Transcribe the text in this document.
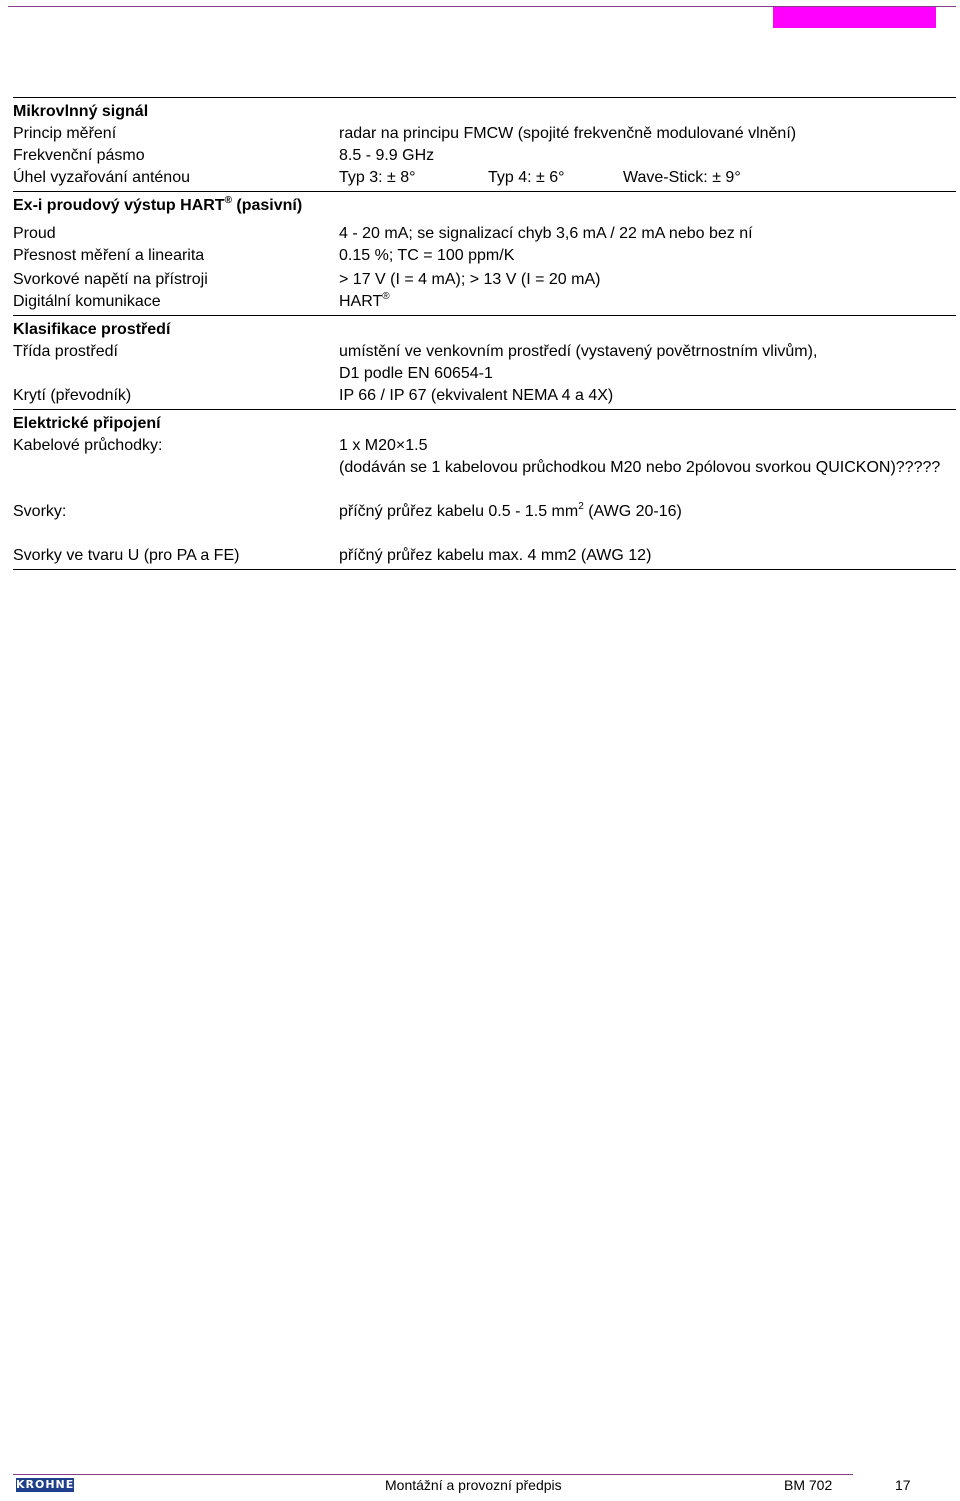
Mikrovlnný signál
Princip měření	radar na principu FMCW (spojité frekvenčně modulované vlnění)
Frekvenční pásmo	8.5 - 9.9 GHz
Úhel vyzařování anténou	Typ 3: ± 8°	Typ 4: ± 6°	Wave-Stick: ± 9°
Ex-i proudový výstup HART® (pasivní)
Proud	4 - 20 mA; se signalizací chyb 3,6 mA / 22 mA nebo bez ní
Přesnost měření a linearita	0.15 %; TC = 100 ppm/K
Svorkové napětí na přístroji	> 17 V (I = 4 mA); > 13 V (I = 20 mA)
Digitální komunikace	HART®
Klasifikace prostředí
Třída prostředí	umístění ve venkovním prostředí (vystavený povětrnostním vlivům),
D1 podle EN 60654-1
Krytí (převodník)	IP 66 / IP 67 (ekvivalent NEMA 4 a 4X)
Elektrické připojení
Kabelové průchodky:	1 x M20×1.5
(dodáván se 1 kabelovou průchodkou M20 nebo 2pólovou svorkou QUICKON)?????
Svorky:	příčný průřez kabelu 0.5 - 1.5 $mm^2$ (AWG 20-16)
Svorky ve tvaru U (pro PA a FE)	příčný průřez kabelu max. 4 mm2 (AWG 12)
KROHNE	Montážní a provozní předpis	BM 702	17
